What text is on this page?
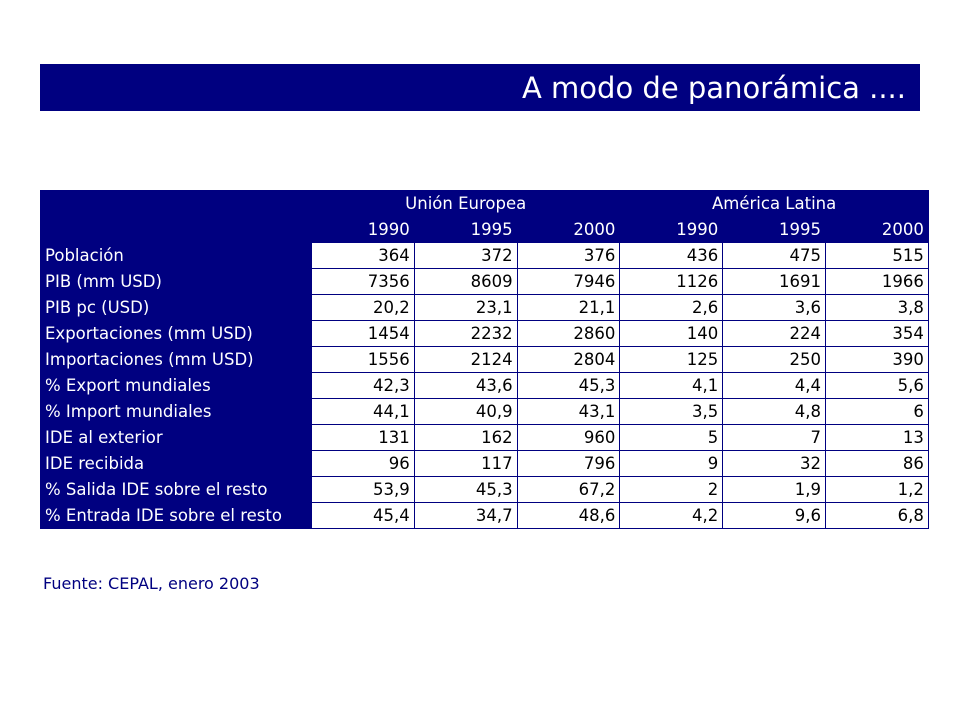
A modo de panorámica ....
	Unión Europea			América Latina		
	1990	1995	2000	1990	1995	2000
Población	364	372	376	436	475	515
PIB (mm USD)	7356	8609	7946	1126	1691	1966
PIB pc (USD)	20,2	23,1	21,1	2,6	3,6	3,8
Exportaciones (mm USD)	1454	2232	2860	140	224	354
Importaciones (mm USD)	1556	2124	2804	125	250	390
% Export mundiales	42,3	43,6	45,3	4,1	4,4	5,6
% Import mundiales	44,1	40,9	43,1	3,5	4,8	6
IDE al exterior	131	162	960	5	7	13
IDE recibida	96	117	796	9	32	86
% Salida IDE sobre el resto	53,9	45,3	67,2	2	1,9	1,2
% Entrada IDE sobre el resto	45,4	34,7	48,6	4,2	9,6	6,8
Fuente: CEPAL, enero 2003
